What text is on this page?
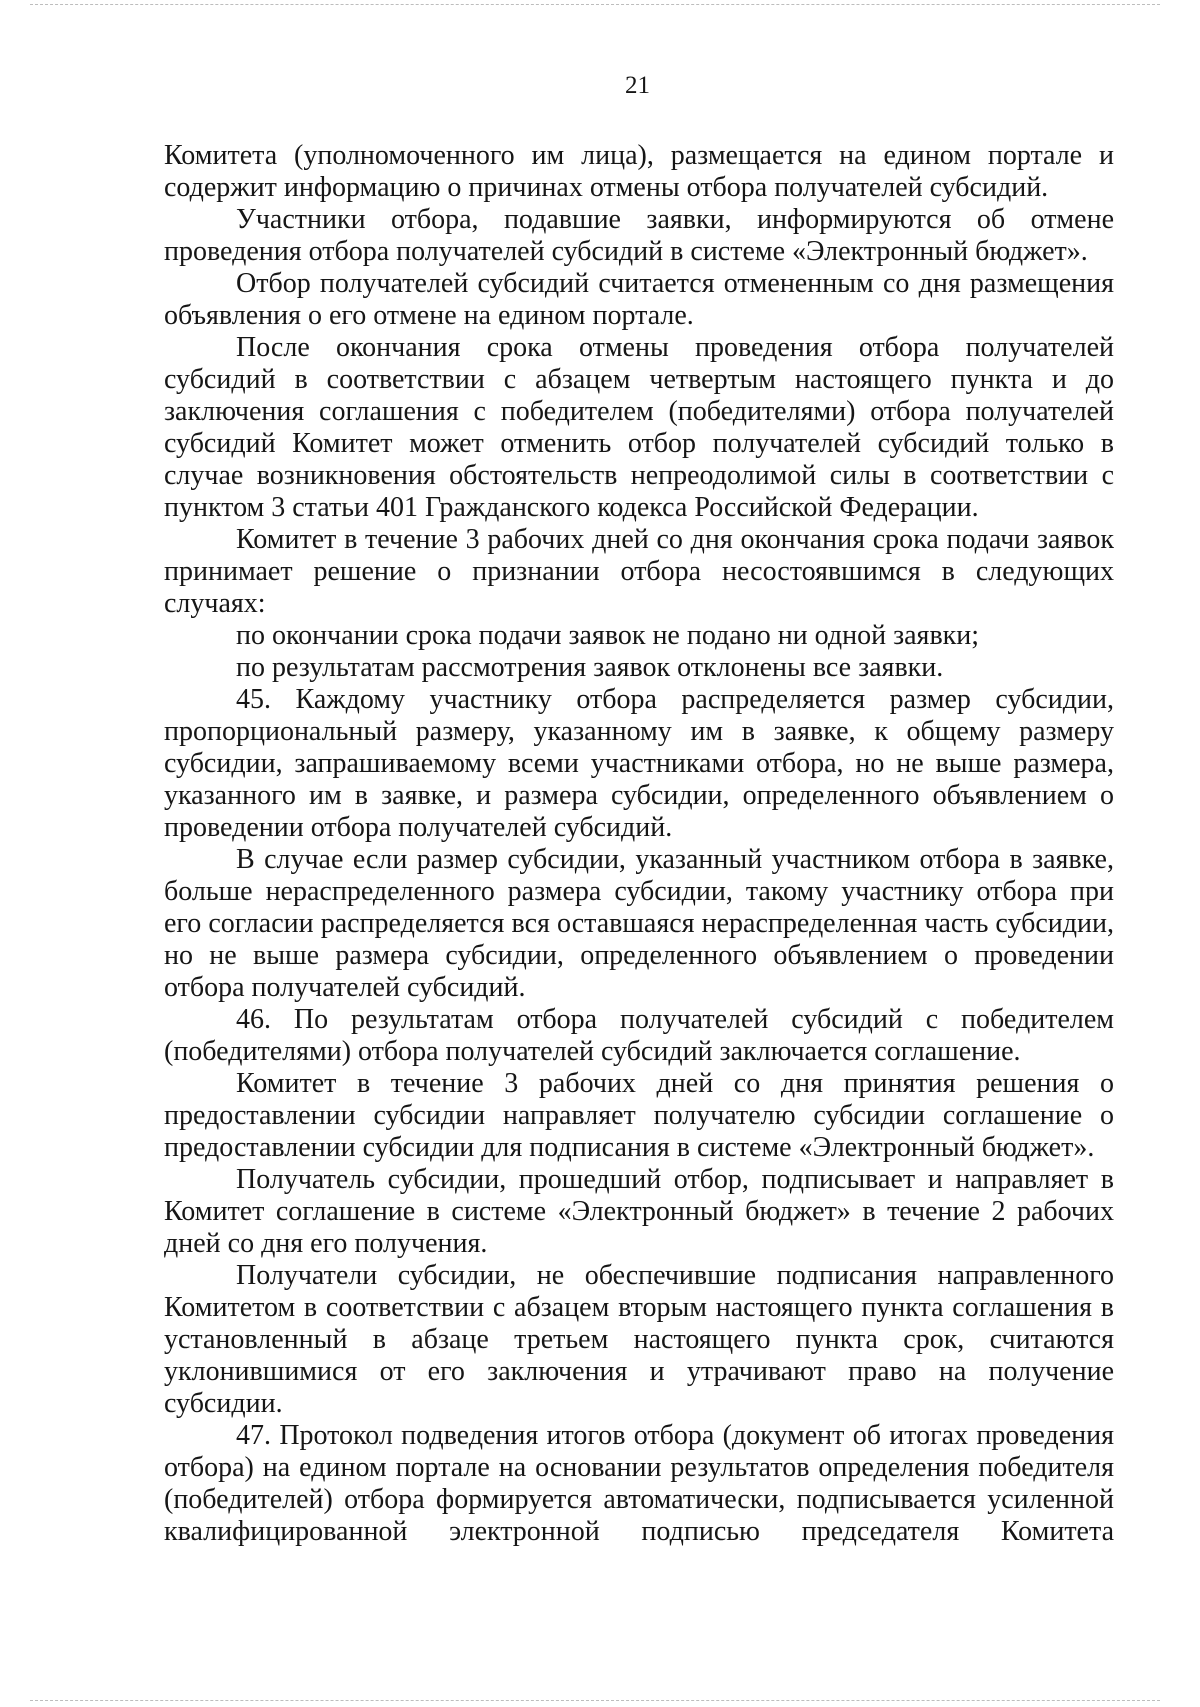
21

Комитета (уполномоченного им лица), размещается на едином портале и содержит информацию о причинах отмены отбора получателей субсидий.

Участники отбора, подавшие заявки, информируются об отмене проведения отбора получателей субсидий в системе «Электронный бюджет».

Отбор получателей субсидий считается отмененным со дня размещения объявления о его отмене на едином портале.

После окончания срока отмены проведения отбора получателей субсидий в соответствии с абзацем четвертым настоящего пункта и до заключения соглашения с победителем (победителями) отбора получателей субсидий Комитет может отменить отбор получателей субсидий только в случае возникновения обстоятельств непреодолимой силы в соответствии с пунктом 3 статьи 401 Гражданского кодекса Российской Федерации.

Комитет в течение 3 рабочих дней со дня окончания срока подачи заявок принимает решение о признании отбора несостоявшимся в следующих случаях:

по окончании срока подачи заявок не подано ни одной заявки;

по результатам рассмотрения заявок отклонены все заявки.

45. Каждому участнику отбора распределяется размер субсидии, пропорциональный размеру, указанному им в заявке, к общему размеру субсидии, запрашиваемому всеми участниками отбора, но не выше размера, указанного им в заявке, и размера субсидии, определенного объявлением о проведении отбора получателей субсидий.

В случае если размер субсидии, указанный участником отбора в заявке, больше нераспределенного размера субсидии, такому участнику отбора при его согласии распределяется вся оставшаяся нераспределенная часть субсидии, но не выше размера субсидии, определенного объявлением о проведении отбора получателей субсидий.

46. По результатам отбора получателей субсидий с победителем (победителями) отбора получателей субсидий заключается соглашение.

Комитет в течение 3 рабочих дней со дня принятия решения о предоставлении субсидии направляет получателю субсидии соглашение о предоставлении субсидии для подписания в системе «Электронный бюджет».

Получатель субсидии, прошедший отбор, подписывает и направляет в Комитет соглашение в системе «Электронный бюджет» в течение 2 рабочих дней со дня его получения.

Получатели субсидии, не обеспечившие подписания направленного Комитетом в соответствии с абзацем вторым настоящего пункта соглашения в установленный в абзаце третьем настоящего пункта срок, считаются уклонившимися от его заключения и утрачивают право на получение субсидии.

47. Протокол подведения итогов отбора (документ об итогах проведения отбора) на едином портале на основании результатов определения победителя (победителей) отбора формируется автоматически, подписывается усиленной квалифицированной электронной подписью председателя Комитета
